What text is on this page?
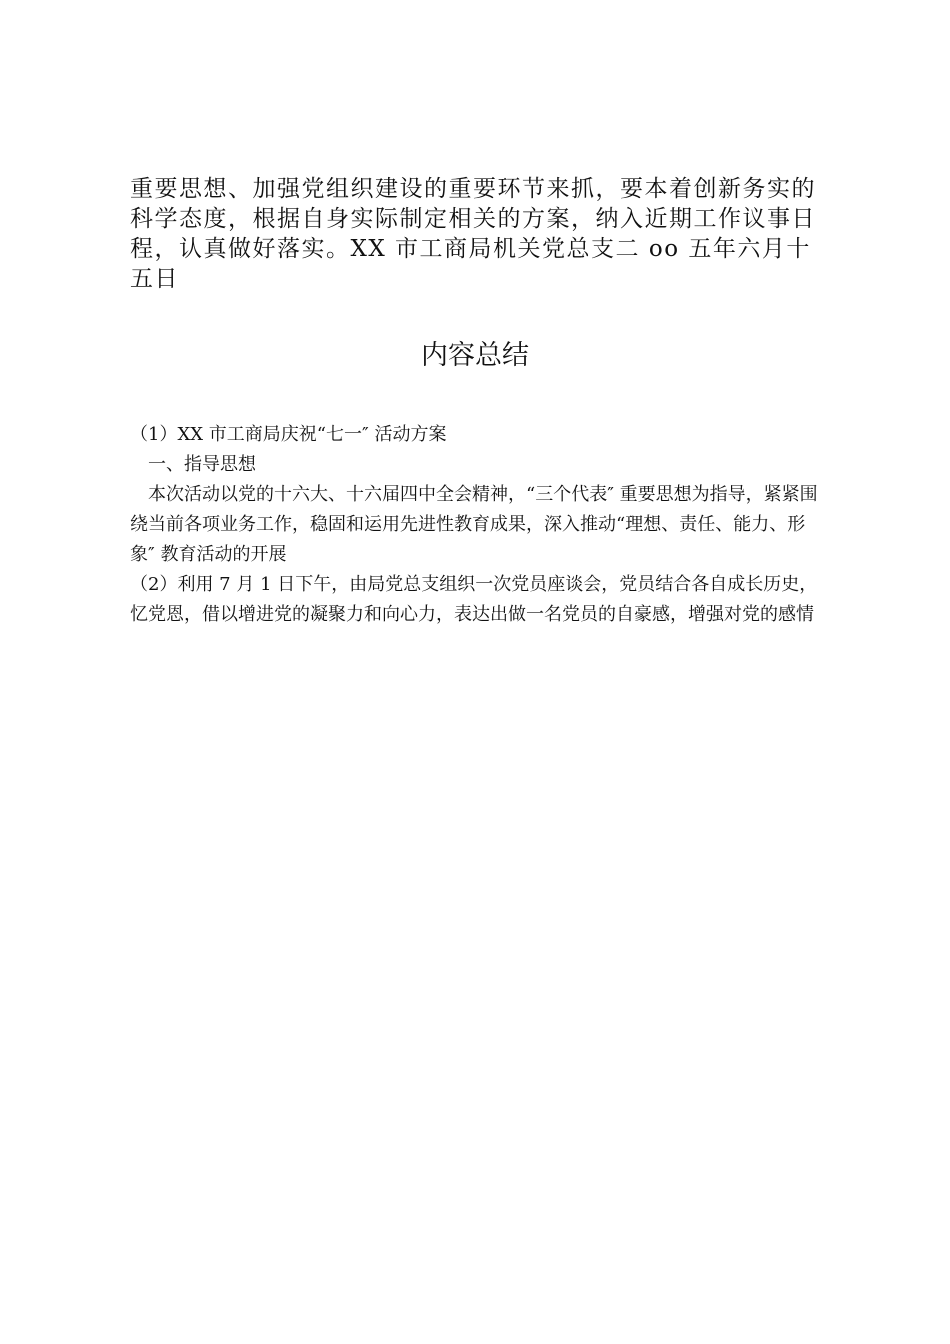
重要思想、加强党组织建设的重要环节来抓，要本着创新务实的科学态度，根据自身实际制定相关的方案，纳入近期工作议事日程，认真做好落实。XX 市工商局机关党总支二 oo 五年六月十五日

内容总结

（1）XX 市工商局庆祝“七一″ 活动方案

一、指导思想

本次活动以党的十六大、十六届四中全会精神，“三个代表″ 重要思想为指导，紧紧围绕当前各项业务工作，稳固和运用先进性教育成果，深入推动“理想、责任、能力、形象″ 教育活动的开展

（2）利用 7 月 1 日下午，由局党总支组织一次党员座谈会，党员结合各自成长历史，忆党恩，借以增进党的凝聚力和向心力，表达出做一名党员的自豪感，增强对党的感情
